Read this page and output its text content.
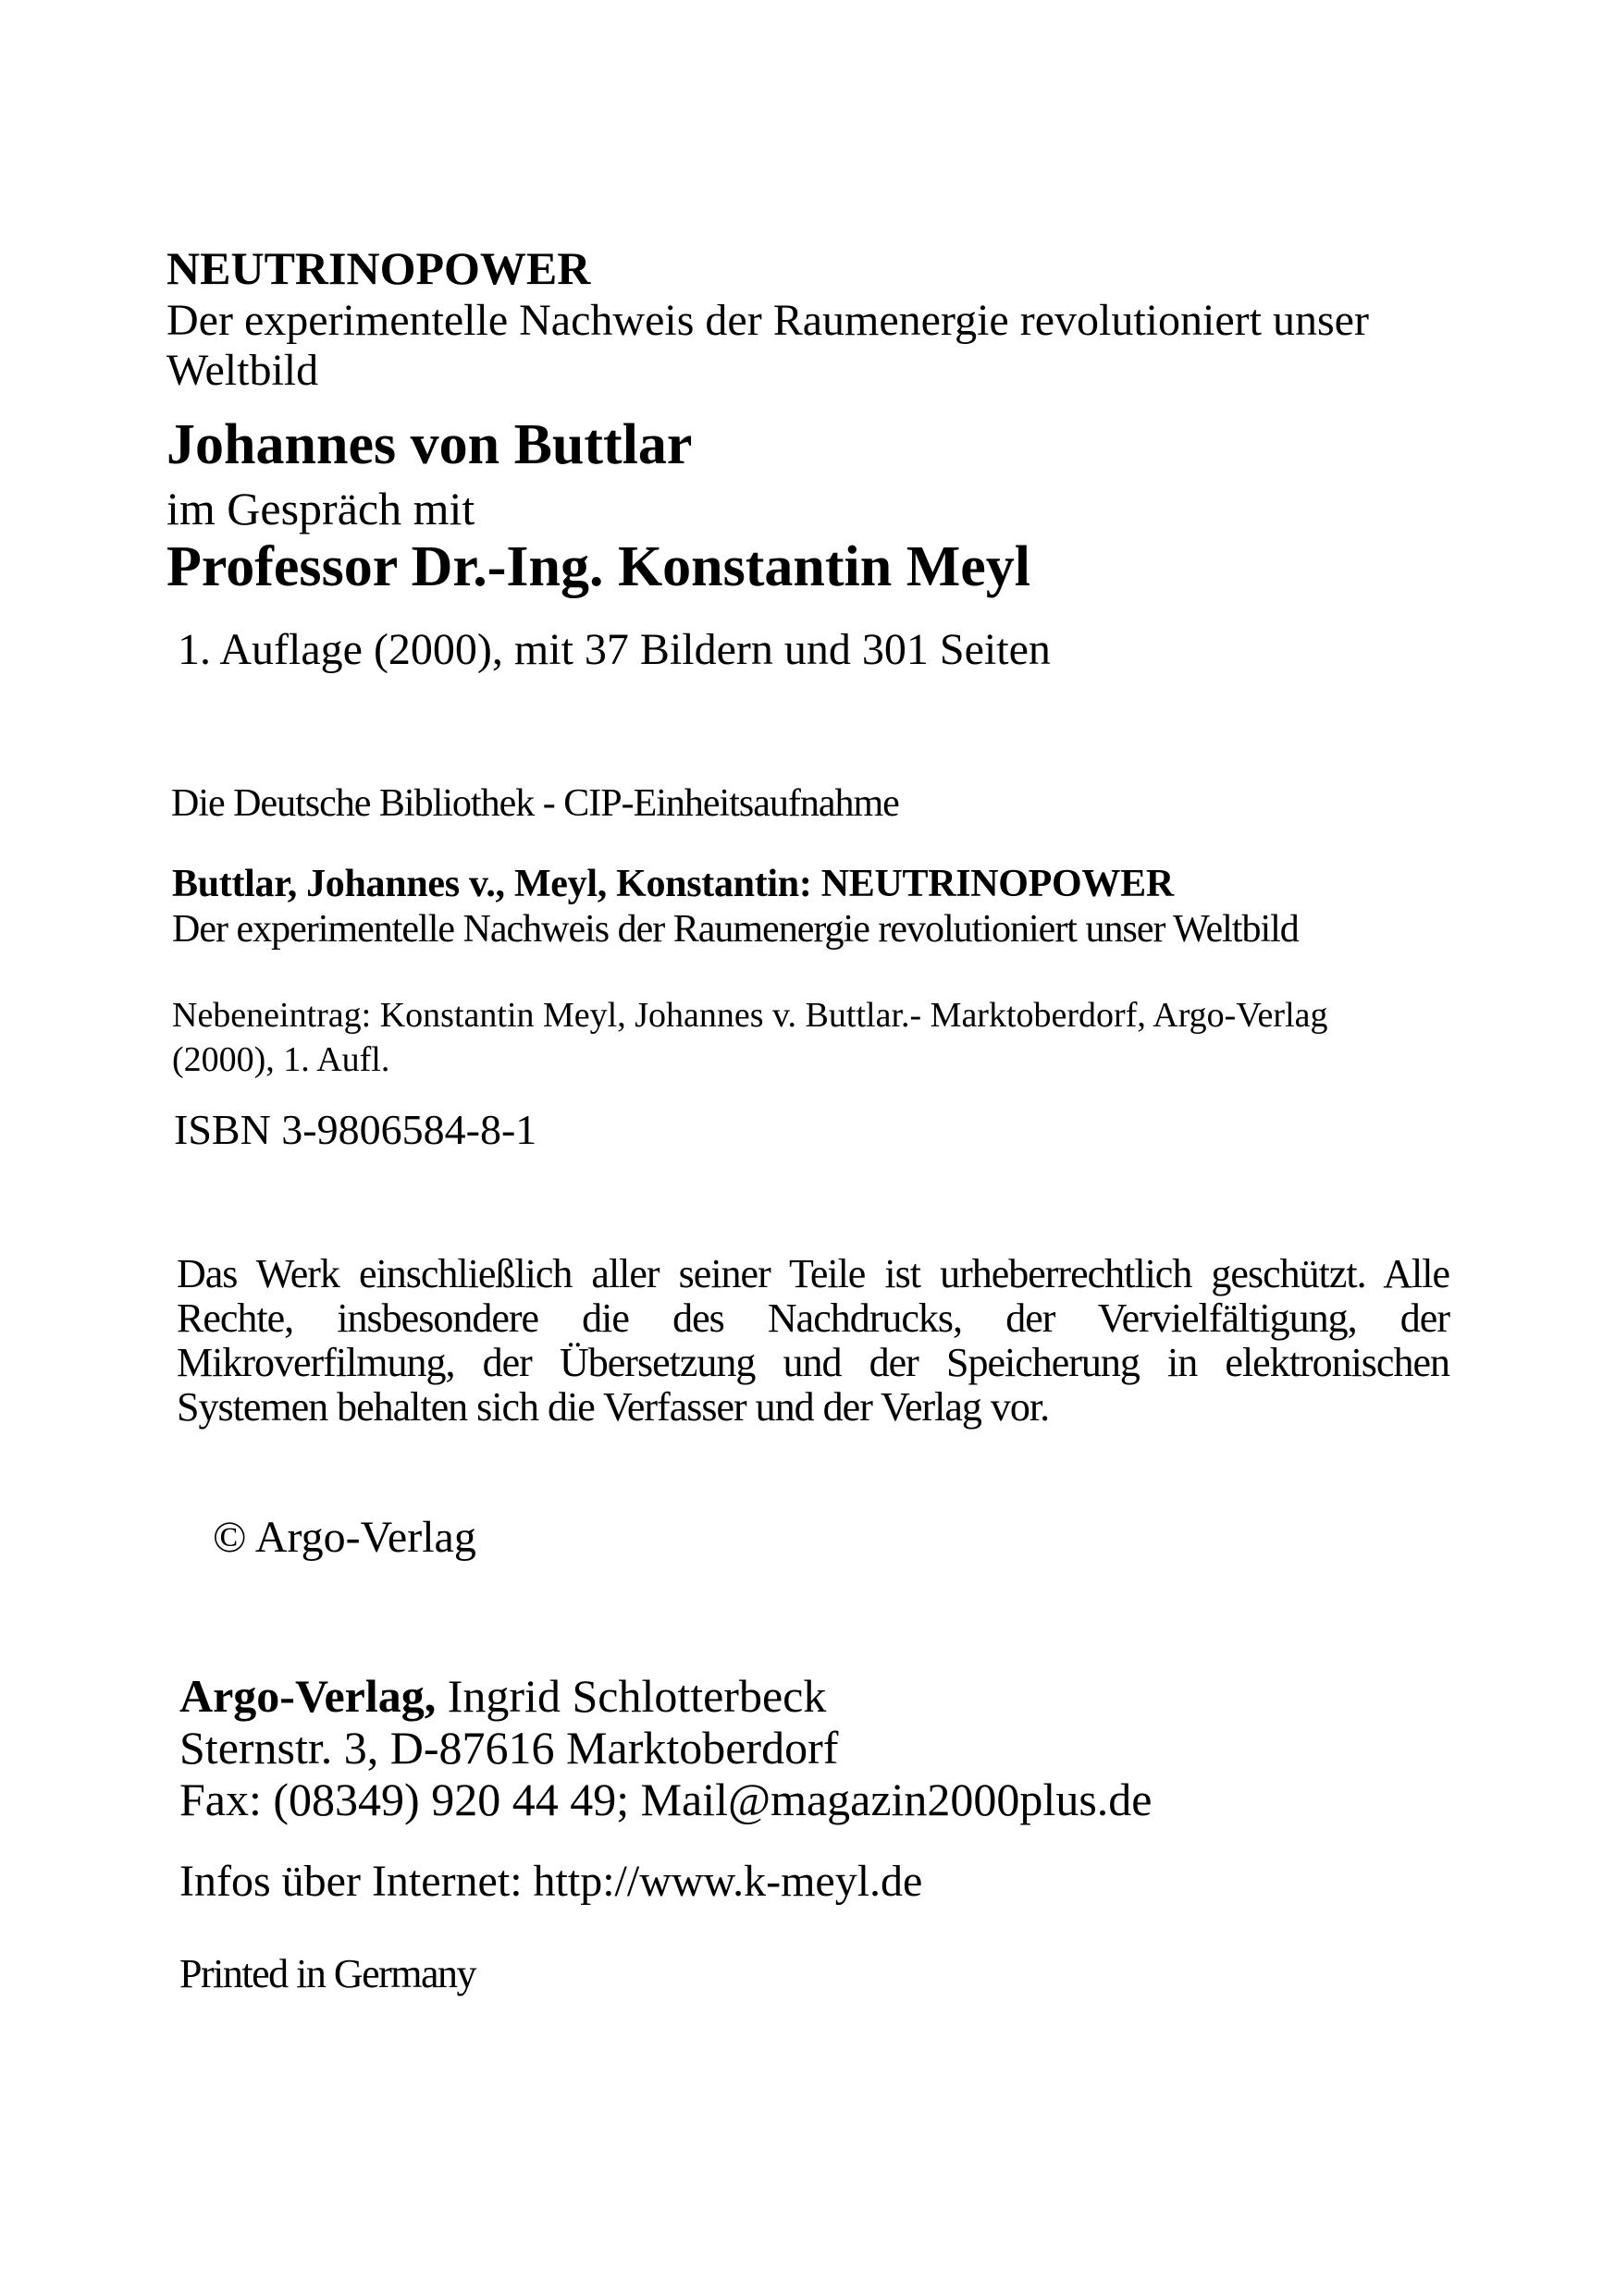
NEUTRINOPOWER

Der experimentelle Nachweis der Raumenergie revolutioniert unser Weltbild

Johannes von Buttlar

im Gespräch mit

Professor Dr.-Ing. Konstantin Meyl

1. Auflage (2000), mit 37 Bildern und 301 Seiten

Die Deutsche Bibliothek - CIP-Einheitsaufnahme

Buttlar, Johannes v., Meyl, Konstantin: NEUTRINOPOWER

Der experimentelle Nachweis der Raumenergie revolutioniert unser Weltbild

Nebeneintrag: Konstantin Meyl, Johannes v. Buttlar.- Marktoberdorf, Argo-Verlag (2000), 1. Aufl.

ISBN 3-9806584-8-1

Das Werk einschließlich aller seiner Teile ist urheberrechtlich geschützt. Alle Rechte, insbesondere die des Nachdrucks, der Vervielfältigung, der Mikroverfilmung, der Übersetzung und der Speicherung in elektronischen Systemen behalten sich die Verfasser und der Verlag vor.

© Argo-Verlag

Argo-Verlag, Ingrid Schlotterbeck

Sternstr. 3, D-87616 Marktoberdorf

Fax: (08349) 920 44 49; Mail@magazin2000plus.de

Infos über Internet: http://www.k-meyl.de

Printed in Germany
